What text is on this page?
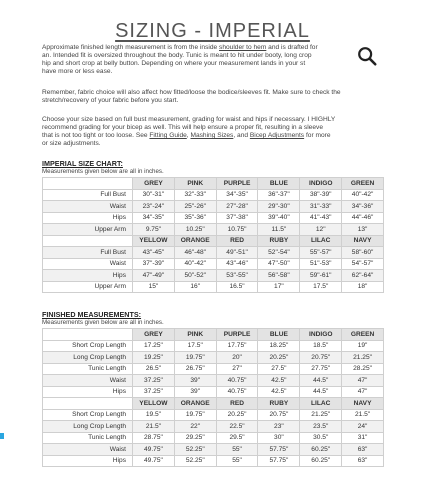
SIZING - IMPERIAL
Approximate finished length measurement is from the inside shoulder to hem and is drafted for
an. Intended fit is oversized throughout the body. Tunic is meant to hit under booty, long crop
hip and short crop at belly button. Depending on where your measurement lands in your st
have more or less ease.
Remember, fabric choice will also affect how fitted/loose the bodice/sleeves fit. Make sure to check the
stretch/recovery of your fabric before you start.
Choose your size based on full bust measurement, grading for waist and hips if necessary. I HIGHLY
recommend grading for your bicep as well. This will help ensure a proper fit, resulting in a sleeve
that is not too tight or too loose. See Fitting Guide, Mashing Sizes, and Bicep Adjustments for more
or size adjustments.
IMPERIAL SIZE CHART:
Measurements given below are all in inches.
	GREY	PINK	PURPLE	BLUE	INDIGO	GREEN
Full Bust	30"-31"	32"-33"	34"-35"	36"-37"	38"-39"	40"-42"
Waist	23"-24"	25"-26"	27"-28"	29"-30"	31"-33"	34"-36"
Hips	34"-35"	35"-36"	37"-38"	39"-40"	41"-43"	44"-46"
Upper Arm	9.75"	10.25"	10.75"	11.5"	12"	13"
	YELLOW	ORANGE	RED	RUBY	LILAC	NAVY
Full Bust	43"-45"	46"-48"	49"-51"	52"-54"	55"-57"	58"-60"
Waist	37"-39"	40"-42"	43"-46"	47"-50"	51"-53"	54"-57"
Hips	47"-49"	50"-52"	53"-55"	56"-58"	59"-61"	62"-64"
Upper Arm	15"	16"	16.5"	17"	17.5"	18"
FINISHED MEASUREMENTS:
Measurements given below are all in inches.
	GREY	PINK	PURPLE	BLUE	INDIGO	GREEN
Short Crop Length	17.25"	17.5"	17.75"	18.25"	18.5"	19"
Long Crop Length	19.25"	19.75"	20"	20.25"	20.75"	21.25"
Tunic Length	26.5"	26.75"	27"	27.5"	27.75"	28.25"
Waist	37.25"	39"	40.75"	42.5"	44.5"	47"
Hips	37.25"	39"	40.75"	42.5"	44.5"	47"
	YELLOW	ORANGE	RED	RUBY	LILAC	NAVY
Short Crop Length	19.5"	19.75"	20.25"	20.75"	21.25"	21.5"
Long Crop Length	21.5"	22"	22.5"	23"	23.5"	24"
Tunic Length	28.75"	29.25"	29.5"	30"	30.5"	31"
Waist	49.75"	52.25"	55"	57.75"	60.25"	63"
Hips	49.75"	52.25"	55"	57.75"	60.25"	63"
